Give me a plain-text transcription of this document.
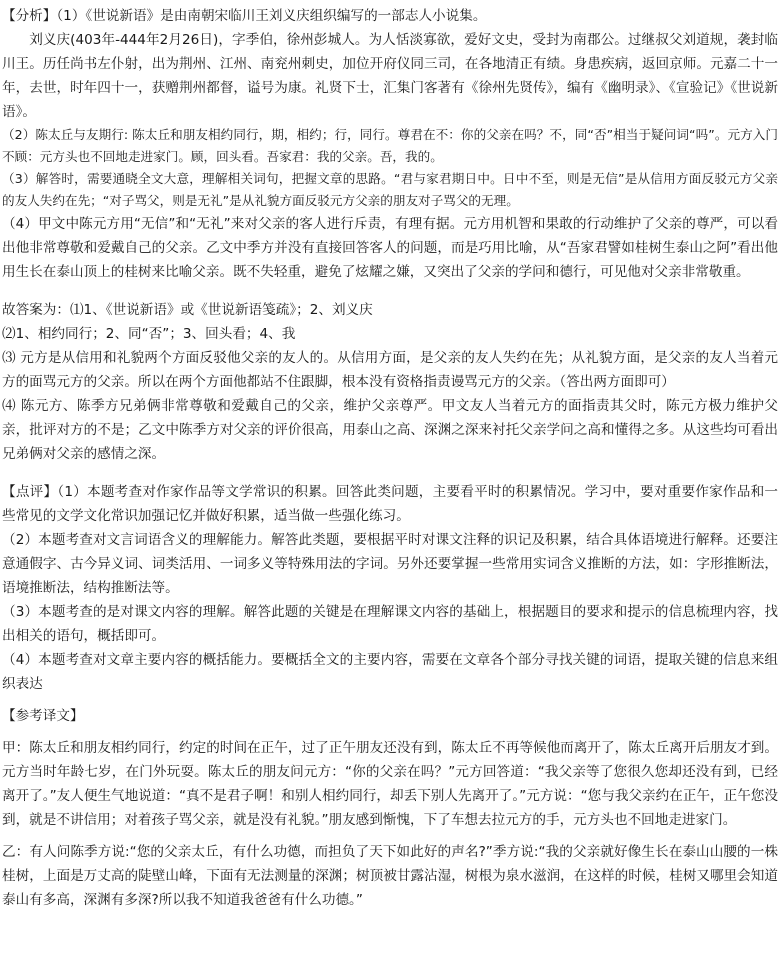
【分析】（1）《世说新语》是由南朝宋临川王刘义庆组织编写的一部志人小说集。

刘义庆(403年-444年2月26日)，字季伯，徐州彭城人。为人恬淡寡欲，爱好文史，受封为南郡公。过继叔父刘道规，袭封临川王。历任尚书左仆射，出为荆州、江州、南兖州刺史，加位开府仪同三司，在各地清正有绩。身患疾病，返回京师。元嘉二十一年，去世，时年四十一，获赠荆州都督，谥号为康。礼贤下士，汇集门客著有《徐州先贤传》，编有《幽明录》、《宣验记》《世说新语》。

（2）陈太丘与友期行: 陈太丘和朋友相约同行，期，相约；行，同行。尊君在不：你的父亲在吗？不，同“否”相当于疑问词“吗”。元方入门不顾：元方头也不回地走进家门。顾，回头看。吾家君：我的父亲。吾，我的。

（3）解答时，需要通晓全文大意，理解相关词句，把握文章的思路。“君与家君期日中。日中不至，则是无信”是从信用方面反驳元方父亲的友人失约在先；“对子骂父，则是无礼”是从礼貌方面反驳元方父亲的朋友对子骂父的无理。

（4）甲文中陈元方用“无信”和“无礼”来对父亲的客人进行斥责，有理有据。元方用机智和果敢的行动维护了父亲的尊严，可以看出他非常尊敬和爱戴自己的父亲。乙文中季方并没有直接回答客人的问题，而是巧用比喻，从“吾家君譬如桂树生泰山之阿”看出他用生长在泰山顶上的桂树来比喻父亲。既不失轻重，避免了炫耀之嫌，又突出了父亲的学问和德行，可见他对父亲非常敬重。

故答案为：⑴1、《世说新语》或《世说新语笺疏》；2、刘义庆

⑵1、相约同行；2、同“否”；3、回头看；4、我

⑶ 元方是从信用和礼貌两个方面反驳他父亲的友人的。从信用方面，是父亲的友人失约在先；从礼貌方面，是父亲的友人当着元方的面骂元方的父亲。所以在两个方面他都站不住跟脚，根本没有资格指责谩骂元方的父亲。（答出两方面即可）

⑷ 陈元方、陈季方兄弟俩非常尊敬和爱戴自己的父亲，维护父亲尊严。甲文友人当着元方的面指责其父时，陈元方极力维护父亲，批评对方的不是；乙文中陈季方对父亲的评价很高，用泰山之高、深渊之深来衬托父亲学问之高和懂得之多。从这些均可看出兄弟俩对父亲的感情之深。

【点评】（1）本题考查对作家作品等文学常识的积累。回答此类问题，主要看平时的积累情况。学习中，要对重要作家作品和一些常见的文学文化常识加强记忆并做好积累，适当做一些强化练习。

（2）本题考查对文言词语含义的理解能力。解答此类题，要根据平时对课文注释的识记及积累，结合具体语境进行解释。还要注意通假字、古今异义词、词类活用、一词多义等特殊用法的字词。另外还要掌握一些常用实词含义推断的方法，如：字形推断法，语境推断法，结构推断法等。

（3）本题考查的是对课文内容的理解。解答此题的关键是在理解课文内容的基础上，根据题目的要求和提示的信息梳理内容，找出相关的语句，概括即可。

（4）本题考查对文章主要内容的概括能力。要概括全文的主要内容，需要在文章各个部分寻找关键的词语，提取关键的信息来组织表达

【参考译文】

甲：陈太丘和朋友相约同行，约定的时间在正午，过了正午朋友还没有到，陈太丘不再等候他而离开了，陈太丘离开后朋友才到。元方当时年龄七岁，在门外玩耍。陈太丘的朋友问元方：“你的父亲在吗？”元方回答道：“我父亲等了您很久您却还没有到，已经离开了。”友人便生气地说道：“真不是君子啊！和别人相约同行，却丢下别人先离开了。”元方说：“您与我父亲约在正午，正午您没到，就是不讲信用；对着孩子骂父亲，就是没有礼貌。”朋友感到惭愧，下了车想去拉元方的手，元方头也不回地走进家门。

乙：有人问陈季方说:“您的父亲太丘，有什么功德，而担负了天下如此好的声名?”季方说:“我的父亲就好像生长在泰山山腰的一株桂树，上面是万丈高的陡壁山峰，下面有无法测量的深渊；树顶被甘露沾湿，树根为泉水滋润，在这样的时候，桂树又哪里会知道泰山有多高，深渊有多深?所以我不知道我爸爸有什么功德。”
